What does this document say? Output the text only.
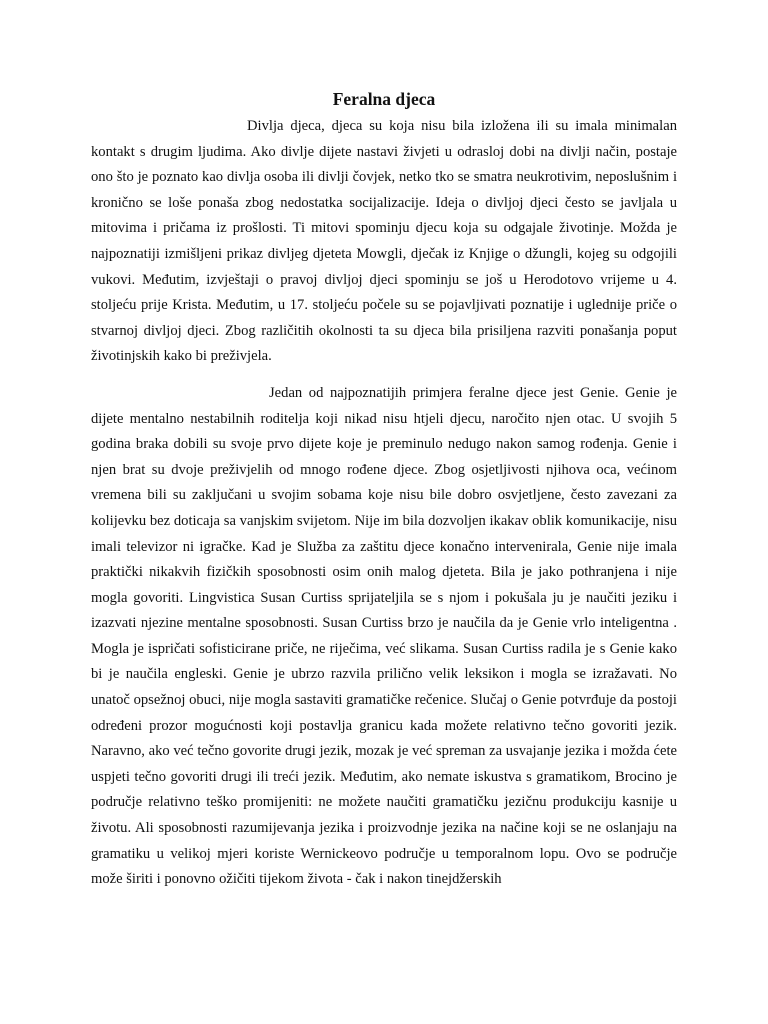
Feralna djeca

Divlja djeca, djeca su koja nisu bila izložena ili su imala minimalan kontakt s drugim ljudima. Ako divlje dijete nastavi živjeti u odrasloj dobi na divlji način, postaje ono što je poznato kao divlja osoba ili divlji čovjek, netko tko se smatra neukrotivim, neposlušnim i kronično se loše ponaša zbog nedostatka socijalizacije. Ideja o divljoj djeci često se javljala u mitovima i pričama iz prošlosti. Ti mitovi spominju djecu koja su odgajale životinje. Možda je najpoznatiji izmišljeni prikaz divljeg djeteta Mowgli, dječak iz Knjige o džungli, kojeg su odgojili vukovi. Međutim, izvještaji o pravoj divljoj djeci spominju se još u Herodotovo vrijeme u 4. stoljeću prije Krista. Međutim, u 17. stoljeću počele su se pojavljivati poznatije i uglednije priče o stvarnoj divljoj djeci. Zbog različitih okolnosti ta su djeca bila prisiljena razviti ponašanja poput životinjskih kako bi preživjela.

Jedan od najpoznatijih primjera feralne djece jest Genie. Genie je dijete mentalno nestabilnih roditelja koji nikad nisu htjeli djecu, naročito njen otac. U svojih 5 godina braka dobili su svoje prvo dijete koje je preminulo nedugo nakon samog rođenja. Genie i njen brat su dvoje preživjelih od mnogo rođene djece. Zbog osjetljivosti njihova oca, većinom vremena bili su zaključani u svojim sobama koje nisu bile dobro osvjetljene, često zavezani za kolijevku bez doticaja sa vanjskim svijetom. Nije im bila dozvoljen ikakav oblik komunikacije, nisu imali televizor ni igračke. Kad je Služba za zaštitu djece konačno intervenirala, Genie nije imala praktički nikakvih fizičkih sposobnosti osim onih malog djeteta. Bila je jako pothranjena i nije mogla govoriti. Lingvistica Susan Curtiss sprijateljila se s njom i pokušala ju je naučiti jeziku i izazvati njezine mentalne sposobnosti. Susan Curtiss brzo je naučila da je Genie vrlo inteligentna . Mogla je ispričati sofisticirane priče, ne riječima, već slikama. Susan Curtiss radila je s Genie kako bi je naučila engleski. Genie je ubrzo razvila prilično velik leksikon i mogla se izražavati. No unatoč opsežnoj obuci, nije mogla sastaviti gramatičke rečenice. Slučaj o Genie potvrđuje da postoji određeni prozor mogućnosti koji postavlja granicu kada možete relativno tečno govoriti jezik. Naravno, ako već tečno govorite drugi jezik, mozak je već spreman za usvajanje jezika i možda ćete uspjeti tečno govoriti drugi ili treći jezik. Međutim, ako nemate iskustva s gramatikom, Brocino je područje relativno teško promijeniti: ne možete naučiti gramatičku jezičnu produkciju kasnije u životu. Ali sposobnosti razumijevanja jezika i proizvodnje jezika na načine koji se ne oslanjaju na gramatiku u velikoj mjeri koriste Wernickeovo područje u temporalnom lopu. Ovo se područje može širiti i ponovno ožičiti tijekom života - čak i nakon tinejdžerskih
